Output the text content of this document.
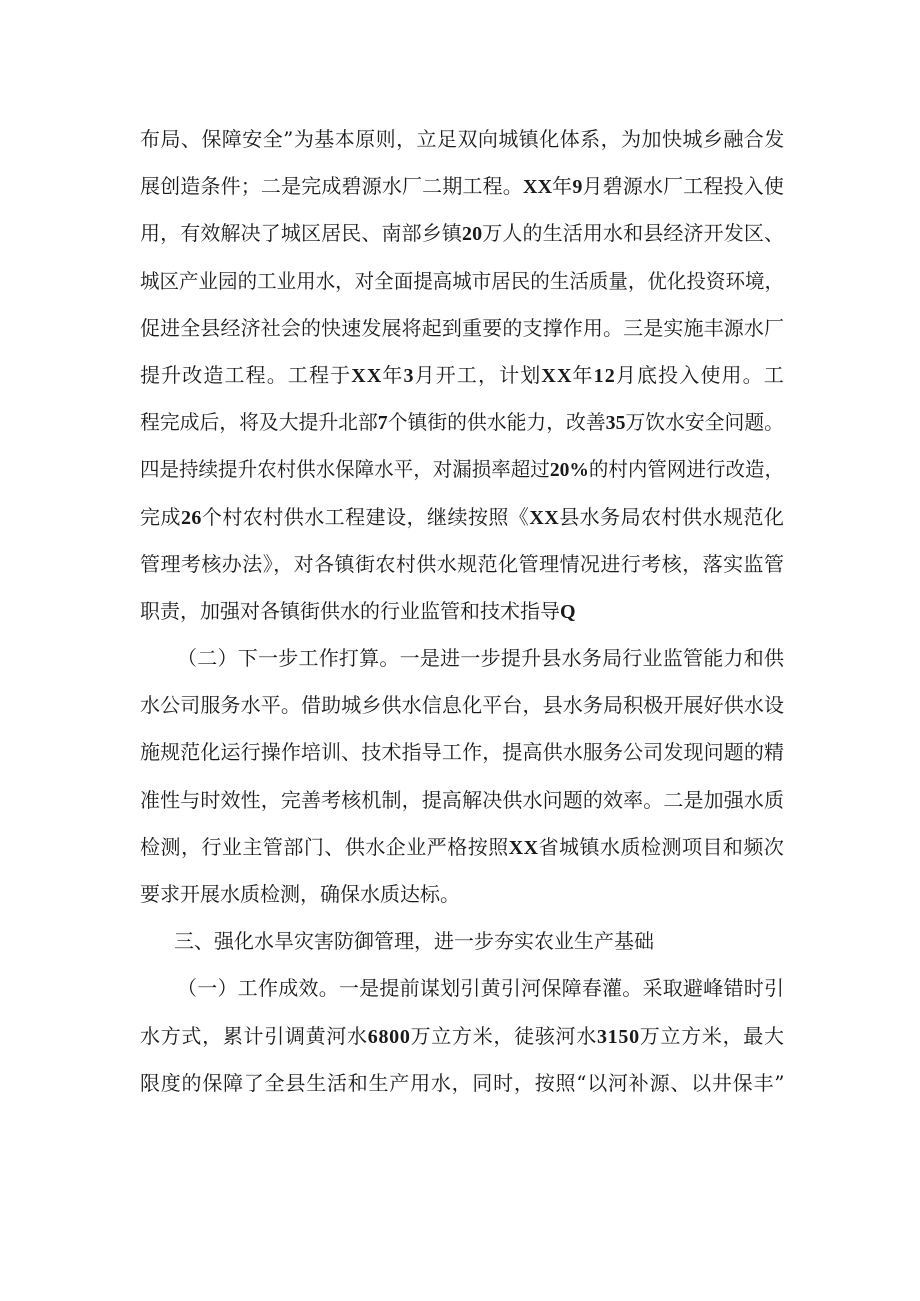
布局、保障安全”为基本原则，立足双向城镇化体系，为加快城乡融合发
展创造条件；二是完成碧源水厂二期工程。XX年9月碧源水厂工程投入使
用，有效解决了城区居民、南部乡镇20万人的生活用水和县经济开发区、
城区产业园的工业用水，对全面提高城市居民的生活质量，优化投资环境，
促进全县经济社会的快速发展将起到重要的支撑作用。三是实施丰源水厂
提升改造工程。工程于XX年3月开工，计划XX年12月底投入使用。工
程完成后，将及大提升北部7个镇街的供水能力，改善35万饮水安全问题。
四是持续提升农村供水保障水平，对漏损率超过20%的村内管网进行改造，
完成26个村农村供水工程建设，继续按照《XX县水务局农村供水规范化
管理考核办法》，对各镇街农村供水规范化管理情况进行考核，落实监管
职责，加强对各镇街供水的行业监管和技术指导Q
（二）下一步工作打算。一是进一步提升县水务局行业监管能力和供
水公司服务水平。借助城乡供水信息化平台，县水务局积极开展好供水设
施规范化运行操作培训、技术指导工作，提高供水服务公司发现问题的精
准性与时效性，完善考核机制，提高解决供水问题的效率。二是加强水质
检测，行业主管部门、供水企业严格按照XX省城镇水质检测项目和频次
要求开展水质检测，确保水质达标。
三、强化水旱灾害防御管理，进一步夯实农业生产基础
（一）工作成效。一是提前谋划引黄引河保障春灌。采取避峰错时引
水方式，累计引调黄河水6800万立方米，徒骇河水3150万立方米，最大
限度的保障了全县生活和生产用水，同时，按照“以河补源、以井保丰”
